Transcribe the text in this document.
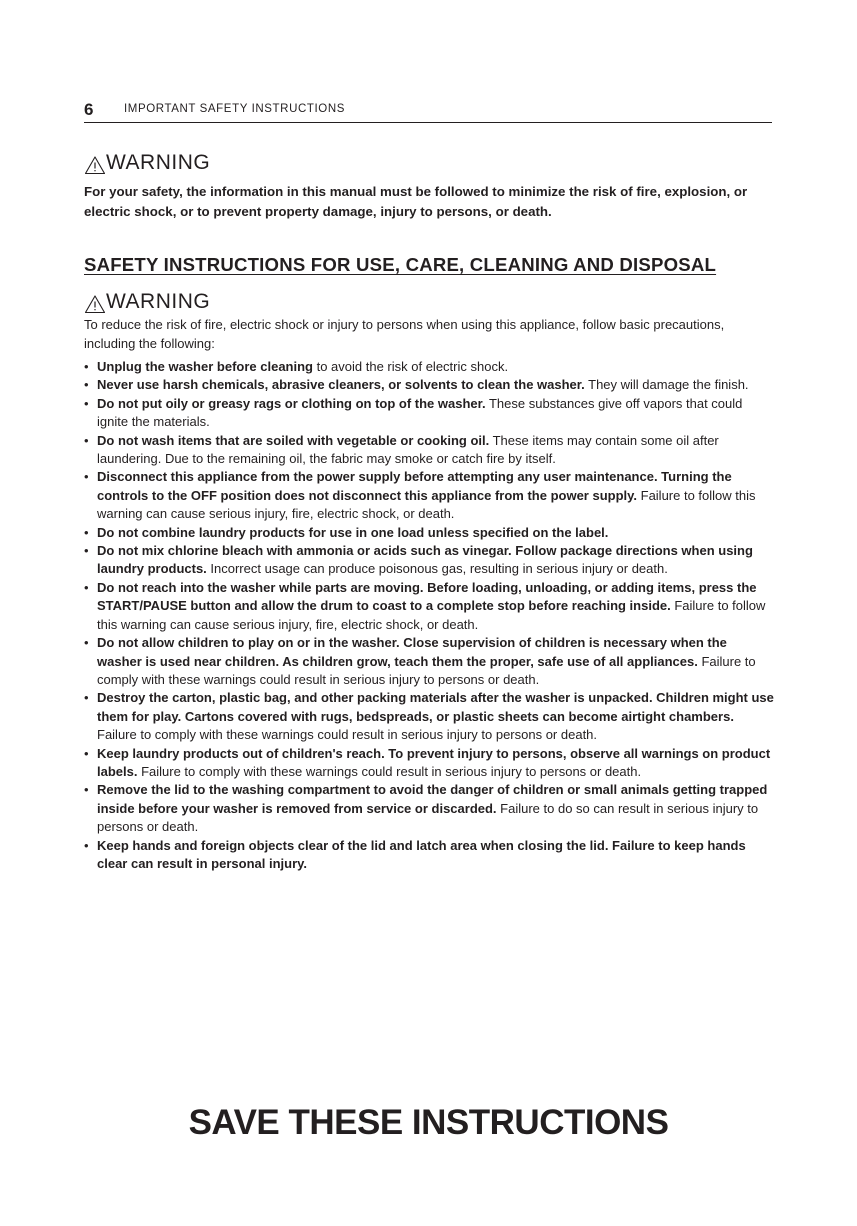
6	IMPORTANT SAFETY INSTRUCTIONS
WARNING
For your safety, the information in this manual must be followed to minimize the risk of fire, explosion, or electric shock, or to prevent property damage, injury to persons, or death.
SAFETY INSTRUCTIONS FOR USE, CARE, CLEANING AND DISPOSAL
WARNING
To reduce the risk of fire, electric shock or injury to persons when using this appliance, follow basic precautions, including the following:
• Unplug the washer before cleaning to avoid the risk of electric shock.
• Never use harsh chemicals, abrasive cleaners, or solvents to clean the washer. They will damage the finish.
• Do not put oily or greasy rags or clothing on top of the washer. These substances give off vapors that could ignite the materials.
• Do not wash items that are soiled with vegetable or cooking oil. These items may contain some oil after laundering. Due to the remaining oil, the fabric may smoke or catch fire by itself.
• Disconnect this appliance from the power supply before attempting any user maintenance. Turning the controls to the OFF position does not disconnect this appliance from the power supply. Failure to follow this warning can cause serious injury, fire, electric shock, or death.
• Do not combine laundry products for use in one load unless specified on the label.
• Do not mix chlorine bleach with ammonia or acids such as vinegar. Follow package directions when using laundry products. Incorrect usage can produce poisonous gas, resulting in serious injury or death.
• Do not reach into the washer while parts are moving. Before loading, unloading, or adding items, press the START/PAUSE button and allow the drum to coast to a complete stop before reaching inside. Failure to follow this warning can cause serious injury, fire, electric shock, or death.
• Do not allow children to play on or in the washer. Close supervision of children is necessary when the washer is used near children. As children grow, teach them the proper, safe use of all appliances. Failure to comply with these warnings could result in serious injury to persons or death.
• Destroy the carton, plastic bag, and other packing materials after the washer is unpacked. Children might use them for play. Cartons covered with rugs, bedspreads, or plastic sheets can become airtight chambers. Failure to comply with these warnings could result in serious injury to persons or death.
• Keep laundry products out of children's reach. To prevent injury to persons, observe all warnings on product labels. Failure to comply with these warnings could result in serious injury to persons or death.
• Remove the lid to the washing compartment to avoid the danger of children or small animals getting trapped inside before your washer is removed from service or discarded. Failure to do so can result in serious injury to persons or death.
• Keep hands and foreign objects clear of the lid and latch area when closing the lid. Failure to keep hands clear can result in personal injury.
SAVE THESE INSTRUCTIONS
